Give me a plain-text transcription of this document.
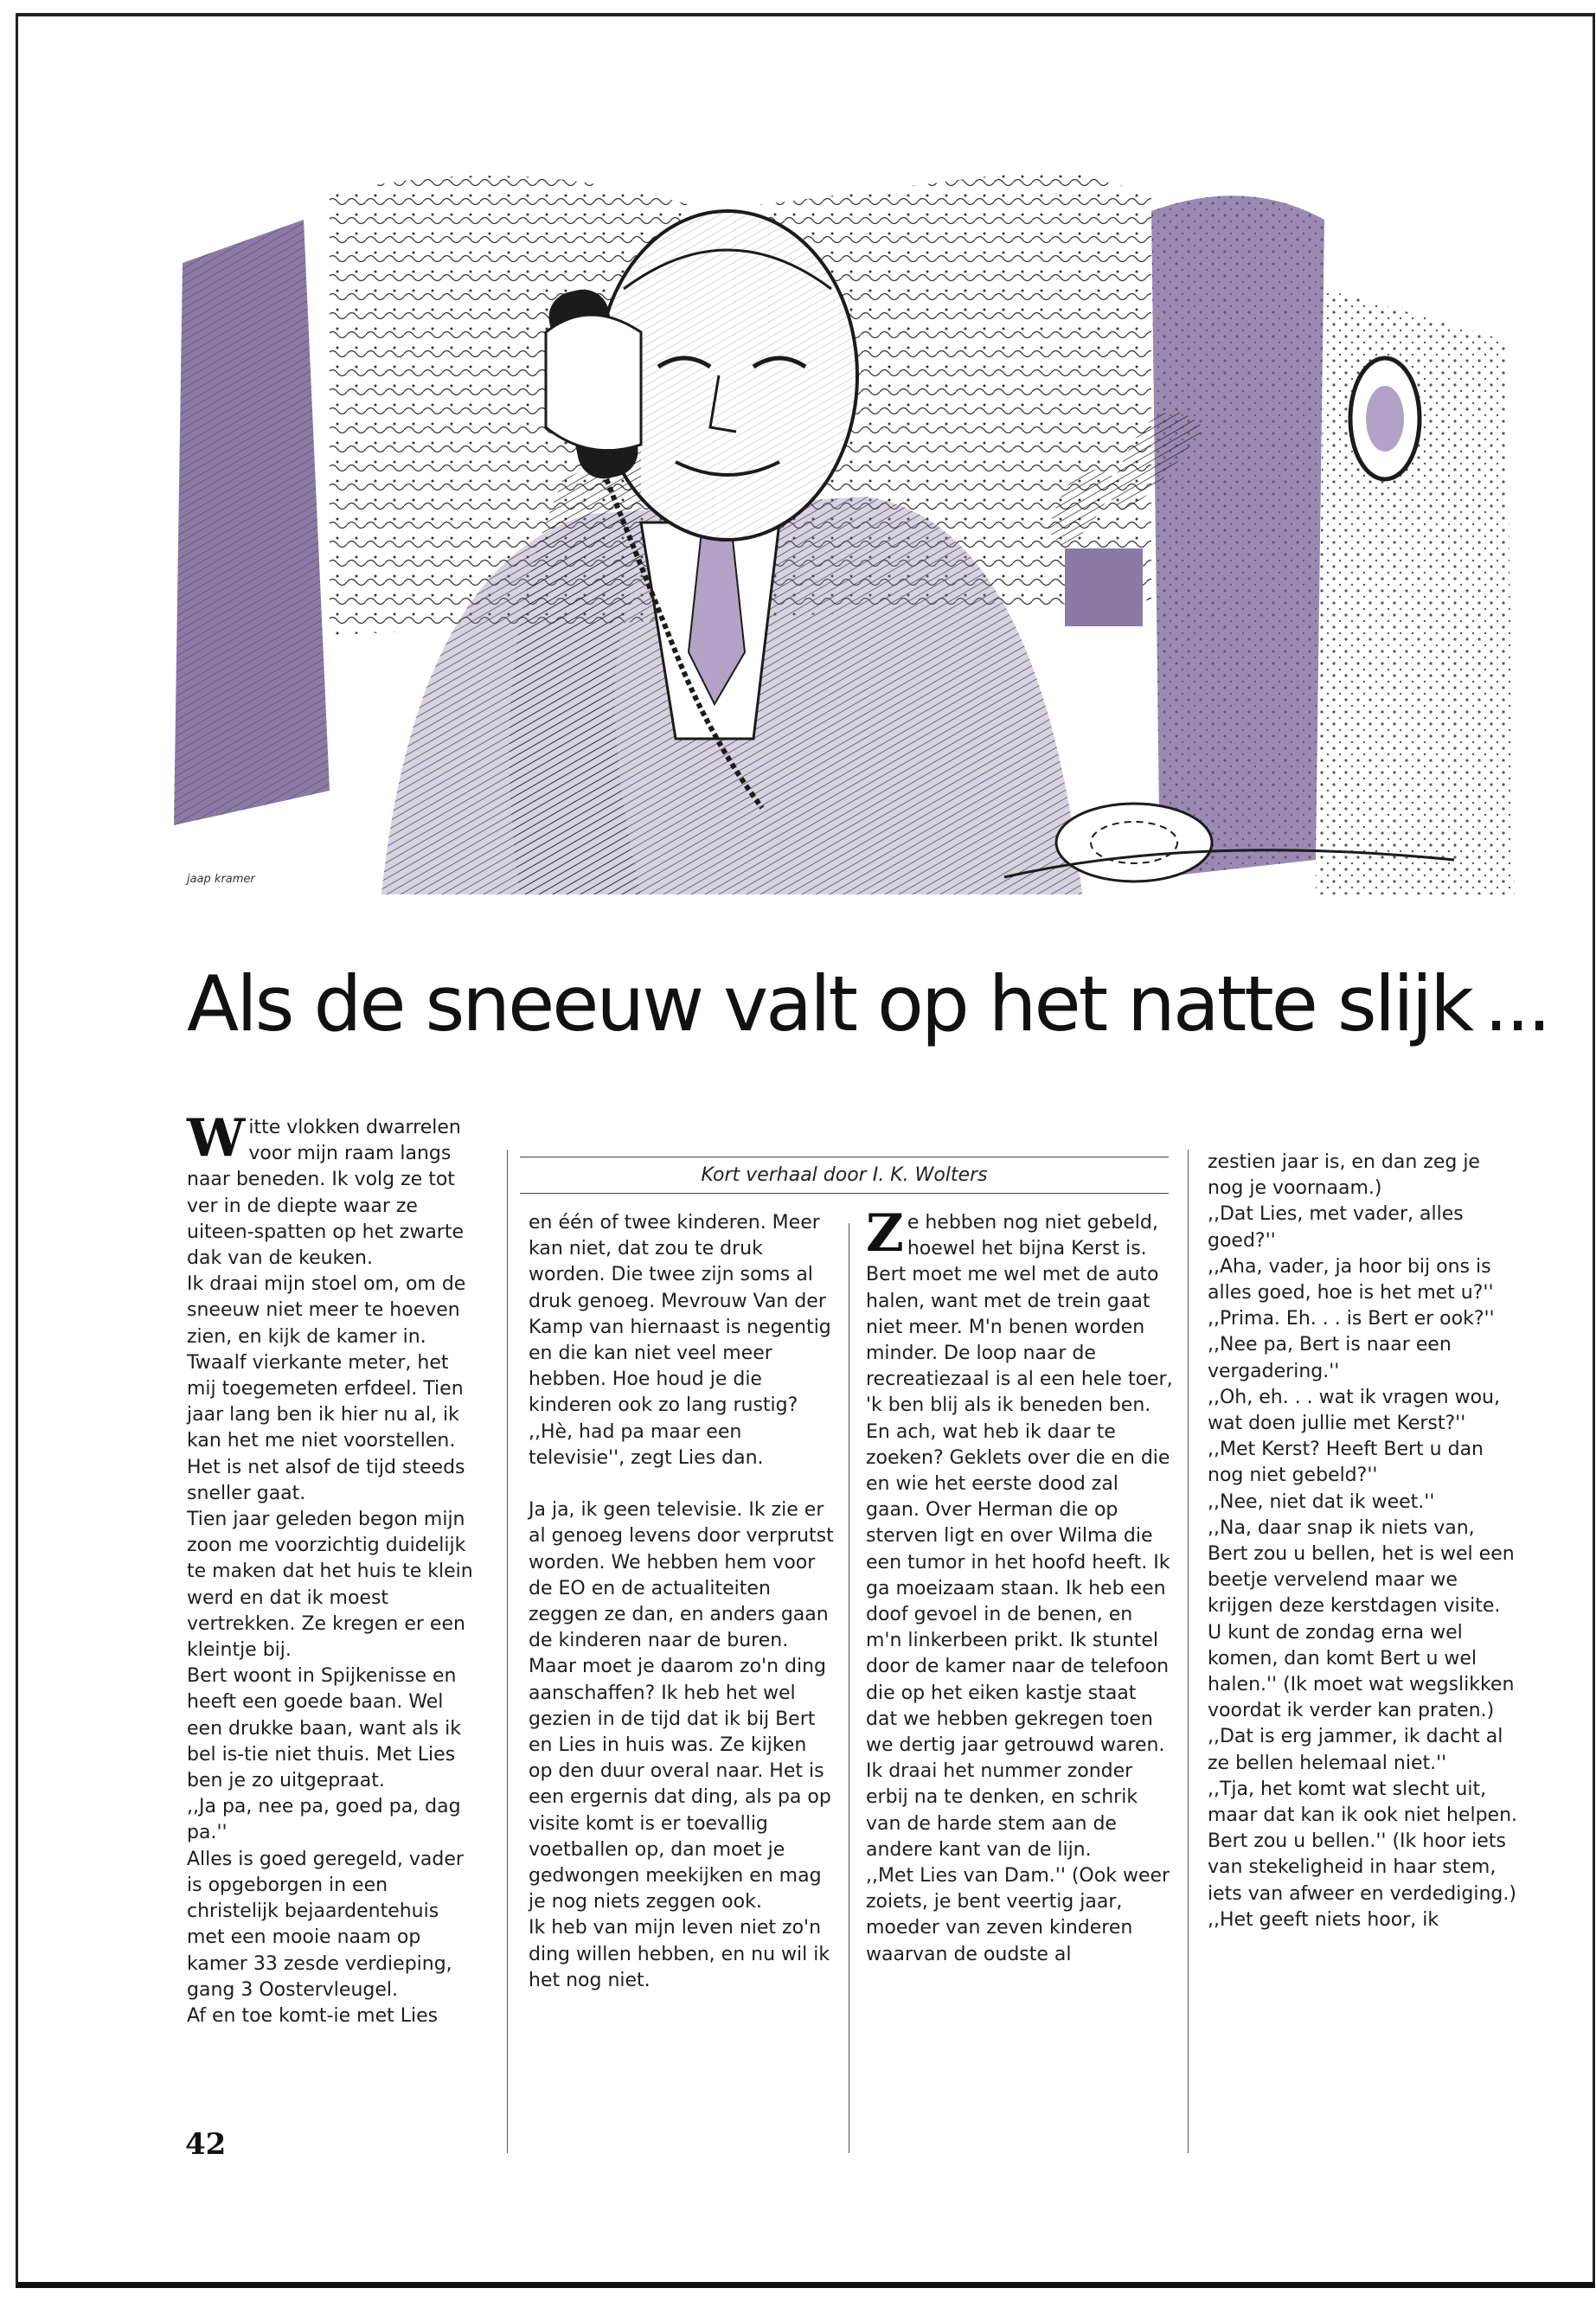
jaap kramer
Als de sneeuw valt op het natte slijk ...
Kort verhaal door I. K. Wolters
Witte vlokken dwarrelen voor mijn raam langs naar beneden. Ik volg ze tot ver in de diepte waar ze uiteen-spatten op het zwarte dak van de keuken.
Ik draai mijn stoel om, om de sneeuw niet meer te hoeven zien, en kijk de kamer in. Twaalf vierkante meter, het mij toegemeten erfdeel. Tien jaar lang ben ik hier nu al, ik kan het me niet voorstellen. Het is net alsof de tijd steeds sneller gaat.
Tien jaar geleden begon mijn zoon me voorzichtig duidelijk te maken dat het huis te klein werd en dat ik moest vertrekken. Ze kregen er een kleintje bij.
Bert woont in Spijkenisse en heeft een goede baan. Wel een drukke baan, want als ik bel is-tie niet thuis. Met Lies ben je zo uitgepraat.
,,Ja pa, nee pa, goed pa, dag pa.''
Alles is goed geregeld, vader is opgeborgen in een christelijk bejaardentehuis met een mooie naam op kamer 33 zesde verdieping, gang 3 Oostervleugel.
Af en toe komt-ie met Lies
en één of twee kinderen. Meer kan niet, dat zou te druk worden. Die twee zijn soms al druk genoeg. Mevrouw Van der Kamp van hiernaast is negentig en die kan niet veel meer hebben. Hoe houd je die kinderen ook zo lang rustig? ,,Hè, had pa maar een televisie'', zegt Lies dan.

Ja ja, ik geen televisie. Ik zie er al genoeg levens door verprutst worden. We hebben hem voor de EO en de actualiteiten zeggen ze dan, en anders gaan de kinderen naar de buren. Maar moet je daarom zo'n ding aanschaffen? Ik heb het wel gezien in de tijd dat ik bij Bert en Lies in huis was. Ze kijken op den duur overal naar. Het is een ergernis dat ding, als pa op visite komt is er toevallig voetballen op, dan moet je gedwongen meekijken en mag je nog niets zeggen ook.
Ik heb van mijn leven niet zo'n ding willen hebben, en nu wil ik het nog niet.
Ze hebben nog niet gebeld, hoewel het bijna Kerst is. Bert moet me wel met de auto halen, want met de trein gaat niet meer. M'n benen worden minder. De loop naar de recreatiezaal is al een hele toer, 'k ben blij als ik beneden ben. En ach, wat heb ik daar te zoeken? Geklets over die en die en wie het eerste dood zal gaan. Over Herman die op sterven ligt en over Wilma die een tumor in het hoofd heeft. Ik ga moeizaam staan. Ik heb een doof gevoel in de benen, en m'n linkerbeen prikt. Ik stuntel door de kamer naar de telefoon die op het eiken kastje staat dat we hebben gekregen toen we dertig jaar getrouwd waren.
Ik draai het nummer zonder erbij na te denken, en schrik van de harde stem aan de andere kant van de lijn.
,,Met Lies van Dam.'' (Ook weer zoiets, je bent veertig jaar, moeder van zeven kinderen waarvan de oudste al
zestien jaar is, en dan zeg je nog je voornaam.)
,,Dat Lies, met vader, alles goed?''
,,Aha, vader, ja hoor bij ons is alles goed, hoe is het met u?''
,,Prima. Eh. . . is Bert er ook?''
,,Nee pa, Bert is naar een vergadering.''
,,Oh, eh. . . wat ik vragen wou, wat doen jullie met Kerst?''
,,Met Kerst? Heeft Bert u dan nog niet gebeld?''
,,Nee, niet dat ik weet.''
,,Na, daar snap ik niets van, Bert zou u bellen, het is wel een beetje vervelend maar we krijgen deze kerstdagen visite. U kunt de zondag erna wel komen, dan komt Bert u wel halen.'' (Ik moet wat wegslikken voordat ik verder kan praten.) ,,Dat is erg jammer, ik dacht al ze bellen helemaal niet.''
,,Tja, het komt wat slecht uit, maar dat kan ik ook niet helpen. Bert zou u bellen.'' (Ik hoor iets van stekeligheid in haar stem, iets van afweer en verdediging.)
,,Het geeft niets hoor, ik
42
